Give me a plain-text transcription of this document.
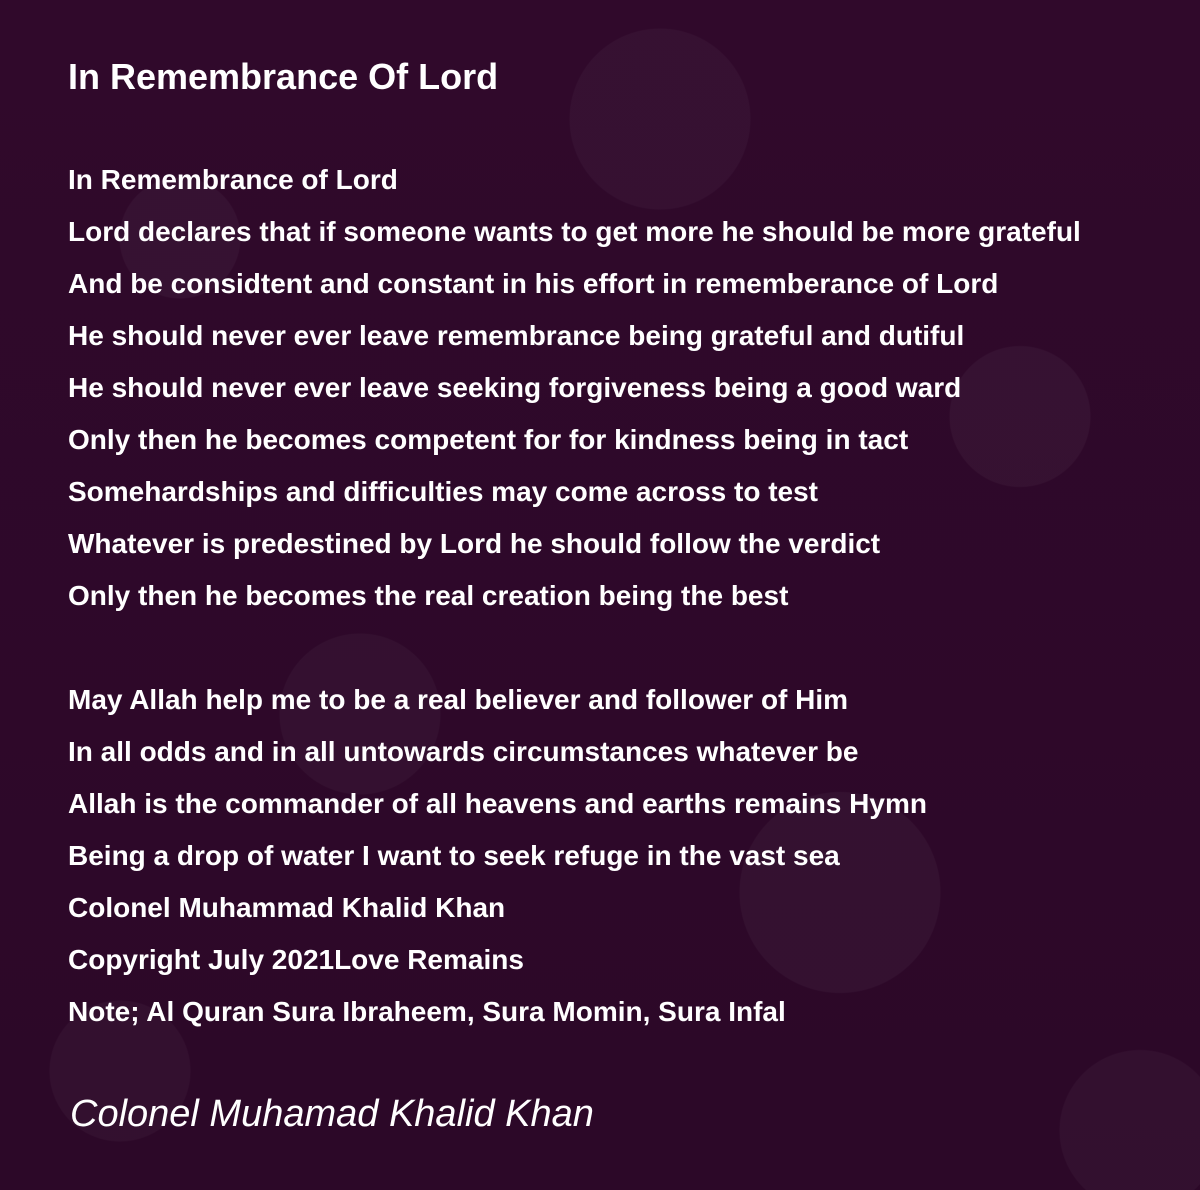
In Remembrance Of Lord
In Remembrance of Lord
Lord declares that if someone wants to get more he should be more grateful
And be considtent and constant in his effort in rememberance of Lord
He should never ever leave remembrance being grateful and dutiful
He should never ever leave seeking forgiveness being a good ward
Only then he becomes competent for for kindness being in tact
Somehardships and difficulties may come across to test
Whatever is predestined by Lord he should follow the verdict
Only then he becomes the real creation being the best
May Allah help me to be a real believer and follower of Him
In all odds and in all untowards circumstances whatever be
Allah is the commander of all heavens and earths remains Hymn
Being a drop of water I want to seek refuge in the vast sea
Colonel Muhammad Khalid Khan
Copyright July 2021Love Remains
Note; Al Quran Sura Ibraheem, Sura Momin, Sura Infal
Colonel Muhamad Khalid Khan
